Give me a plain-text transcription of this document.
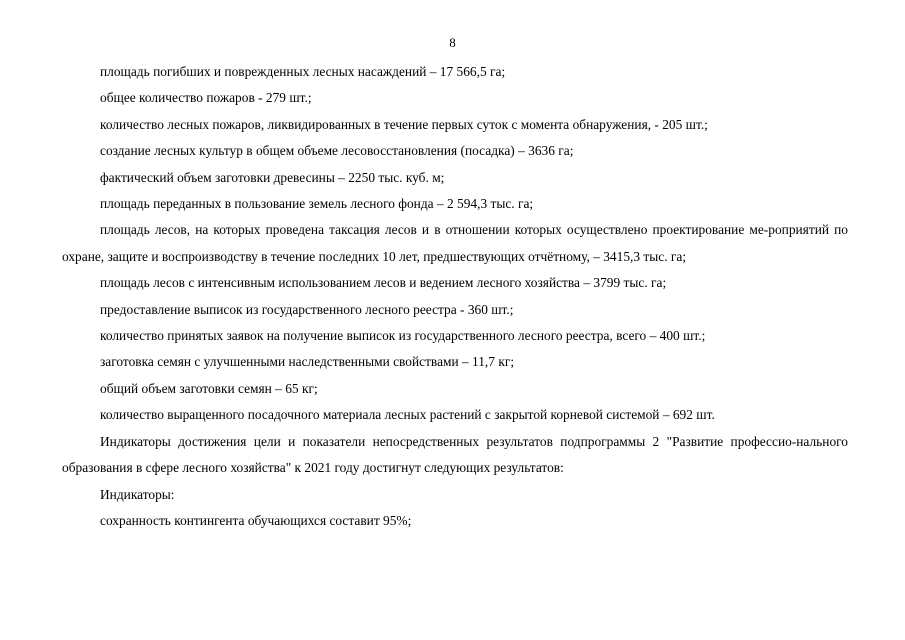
8

площадь погибших и поврежденных лесных насаждений – 17 566,5 га;

общее количество пожаров - 279 шт.;

количество лесных пожаров, ликвидированных в течение первых суток с момента обнаружения, - 205 шт.;

создание лесных культур в общем объеме лесовосстановления (посадка) – 3636 га;

фактический объем заготовки древесины – 2250 тыс. куб. м;

площадь переданных в пользование земель лесного фонда – 2 594,3 тыс. га;

площадь лесов, на которых проведена таксация лесов и в отношении которых осуществлено проектирование ме-роприятий по охране, защите и воспроизводству в течение последних 10 лет, предшествующих отчётному, – 3415,3 тыс. га;

площадь лесов с интенсивным использованием лесов и ведением лесного хозяйства – 3799 тыс. га;

предоставление выписок из государственного лесного реестра - 360 шт.;

количество принятых заявок на получение выписок из государственного лесного реестра, всего – 400 шт.;

заготовка семян с улучшенными наследственными свойствами – 11,7 кг;

общий объем заготовки семян – 65 кг;

количество выращенного посадочного материала лесных растений с закрытой корневой системой – 692 шт.

Индикаторы достижения цели и показатели непосредственных результатов подпрограммы 2 "Развитие профессио-нального образования в сфере лесного хозяйства" к 2021 году достигнут следующих результатов:

Индикаторы:

сохранность контингента обучающихся составит 95%;
